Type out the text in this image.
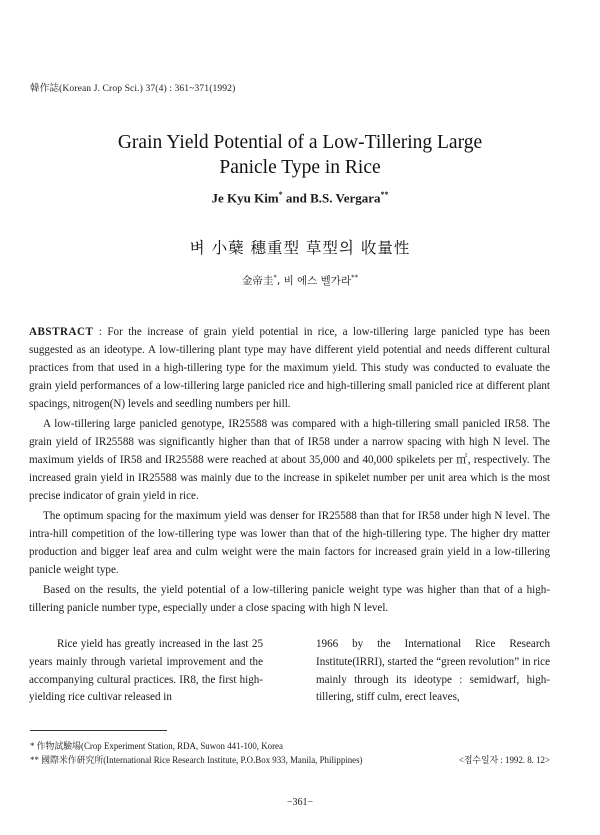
韓作誌(Korean J. Crop Sci.) 37(4) : 361~371(1992)
Grain Yield Potential of a Low-Tillering Large
Panicle Type in Rice
Je Kyu Kim* and B.S. Vergara**
벼 小蘖 穗重型 草型의 收量性
金帝圭*, 비 에스 벨가라**

ABSTRACT : For the increase of grain yield potential in rice, a low-tillering large panicled type has been suggested as an ideotype. A low-tillering plant type may have different yield potential and needs different cultural practices from that used in a high-tillering type for the maximum yield. This study was conducted to evaluate the grain yield performances of a low-tillering large panicled rice and high-tillering small panicled rice at different plant spacings, nitrogen(N) levels and seedling numbers per hill.

A low-tillering large panicled genotype, IR25588 was compared with a high-tillering small panicled IR58. The grain yield of IR25588 was significantly higher than that of IR58 under a narrow spacing with high N level. The maximum yields of IR58 and IR25588 were reached at about 35,000 and 40,000 spikelets per ㎡, respectively. The increased grain yield in IR25588 was mainly due to the increase in spikelet number per unit area which is the most precise indicator of grain yield in rice.

The optimum spacing for the maximum yield was denser for IR25588 than that for IR58 under high N level. The intra-hill competition of the low-tillering type was lower than that of the high-tillering type. The higher dry matter production and bigger leaf area and culm weight were the main factors for increased grain yield in a low-tillering panicle weight type.

Based on the results, the yield potential of a low-tillering panicle weight type was higher than that of a high-tillering panicle number type, especially under a close spacing with high N level.

Rice yield has greatly increased in the last 25 years mainly through varietal improvement and the accompanying cultural practices. IR8, the first high-yielding rice cultivar released in

1966 by the International Rice Research Institute(IRRI), started the “green revolution” in rice mainly through its ideotype : semidwarf, high-tillering, stiff culm, erect leaves,

* 作物試驗場(Crop Experiment Station, RDA, Suwon 441-100, Korea
** 國際米作硏究所(International Rice Research Institute, P.O.Box 933, Manila, Philippines)	<접수일자 : 1992. 8. 12>
−361−
